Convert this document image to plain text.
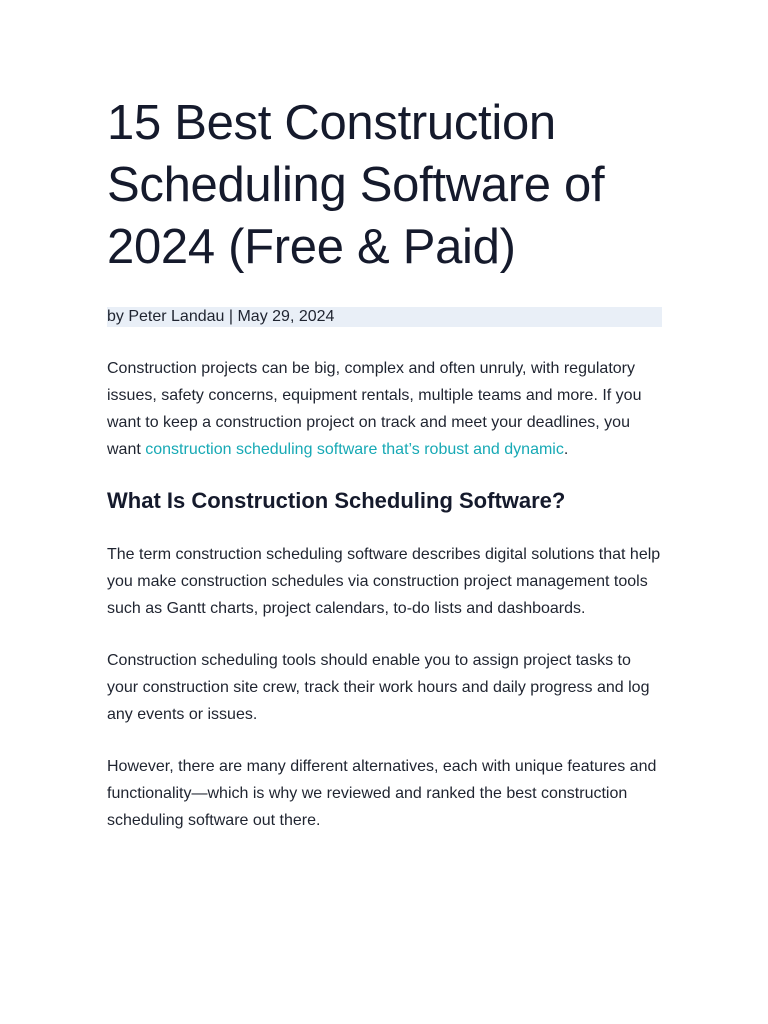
15 Best Construction Scheduling Software of 2024 (Free & Paid)
by Peter Landau | May 29, 2024

Construction projects can be big, complex and often unruly, with regulatory issues, safety concerns, equipment rentals, multiple teams and more. If you want to keep a construction project on track and meet your deadlines, you want construction scheduling software that’s robust and dynamic.

What Is Construction Scheduling Software?

The term construction scheduling software describes digital solutions that help you make construction schedules via construction project management tools such as Gantt charts, project calendars, to-do lists and dashboards.

Construction scheduling tools should enable you to assign project tasks to your construction site crew, track their work hours and daily progress and log any events or issues.

However, there are many different alternatives, each with unique features and functionality—which is why we reviewed and ranked the best construction scheduling software out there.
